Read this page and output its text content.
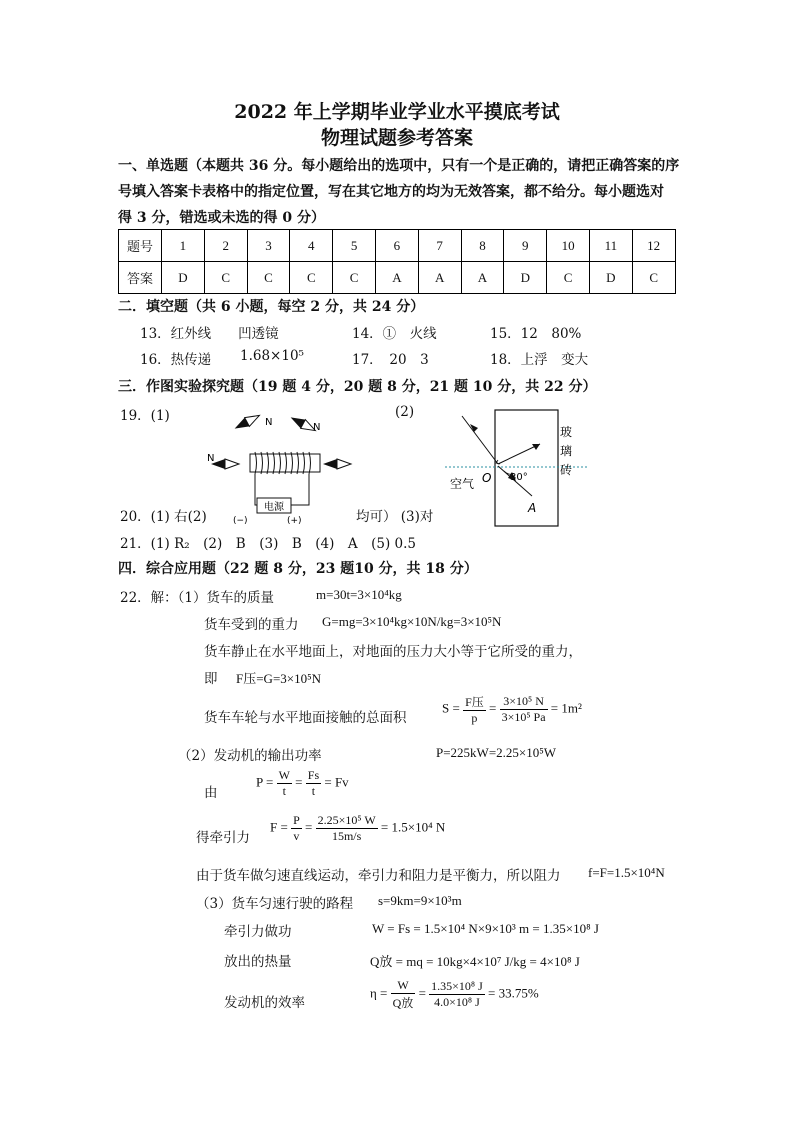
2022 年上学期毕业学业水平摸底考试
物理试题参考答案
一、单选题（本题共 36 分。每小题给出的选项中，只有一个是正确的，请把正确答案的序
号填入答案卡表格中的指定位置，写在其它地方的均为无效答案，都不给分。每小题选对
得 3 分，错选或未选的得 0 分）
题号	1	2	3	4	5	6	7	8	9	10	11	12
答案	D	C	C	C	C	A	A	A	D	C	D	C
二．填空题（共 6 小题，每空 2 分，共 24 分）
13．红外线　　凹透镜	14．①　火线	15．12　80%
16．热传递 1.68×10⁵	17．　20　3	18．上浮　变大
三．作图实验探究题（19 题 4 分，20 题 8 分，21 题 10 分，共 22 分）
19．(1)	(2)
N	N
N
电源
(−)	(+)
玻
璃
砖
空气 O 30°
A
20．(1) 右(2)	均可） (3)对
21．(1) R₂　(2)　B　(3)　B　(4)　A　(5) 0.5
四．综合应用题（22 题 8 分，23 题10 分，共 18 分）
22．解：（1）货车的质量	m=30t=3×10⁴kg
货车受到的重力 G=mg=3×10⁴kg×10N/kg=3×10⁵N
货车静止在水平地面上，对地面的压力大小等于它所受的重力，
即 F压=G=3×10⁵N
货车车轮与水平地面接触的总面积
$S = \frac{\text{F压}}{p} = \frac{\text{3×10⁵ N}}{\text{3×10⁵ Pa}} = 1m^2$
（2）发动机的输出功率	P=225kW=2.25×10⁵W
由
$P = \frac{W}{t} = \frac{Fs}{t} = Fv$
得牵引力
$F = \frac{P}{v} = \frac{\text{2.25×10⁵ W}}{15m/s} = 1.5\times 10^4$ N
由于货车做匀速直线运动，牵引力和阻力是平衡力，所以阻力 f=F=1.5×10⁴N
（3）货车匀速行驶的路程 s=9km=9×10³m
牵引力做功	W = Fs = 1.5×10⁴ N×9×10³ m = 1.35×10⁸ J
放出的热量	Q放 = mq = 10kg×4×10⁷ J/kg = 4×10⁸ J
发动机的效率
$\eta = \frac{W}{\text{Q放}} = \frac{\text{1.35×10⁸ J}}{\text{4.0×10⁸ J}} = 33.75\%$
